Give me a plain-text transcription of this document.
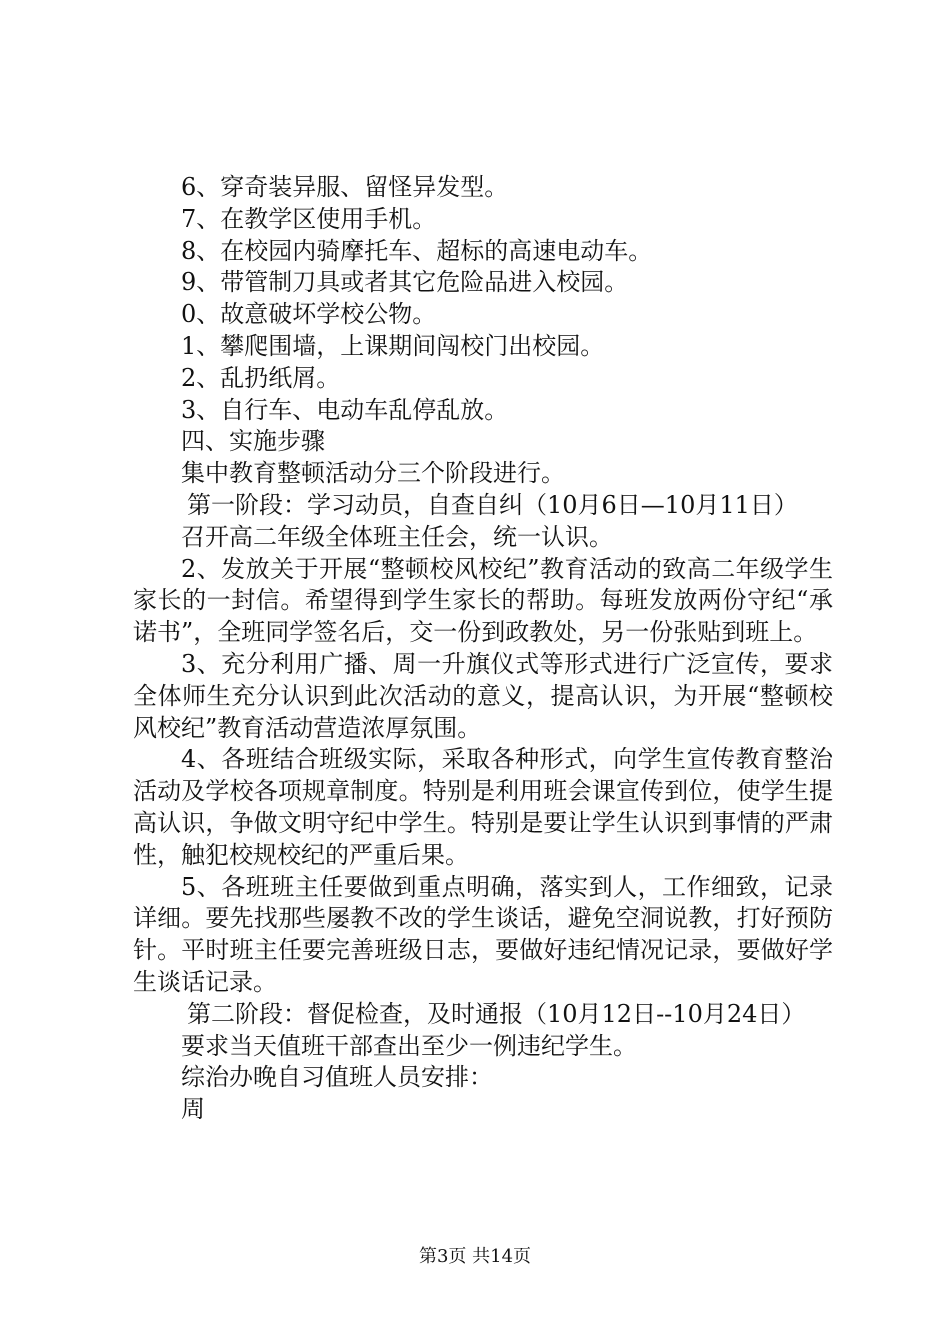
6、穿奇装异服、留怪异发型。

7、在教学区使用手机。

8、在校园内骑摩托车、超标的高速电动车。

9、带管制刀具或者其它危险品进入校园。

0、故意破坏学校公物。

1、攀爬围墙，上课期间闯校门出校园。

2、乱扔纸屑。

3、自行车、电动车乱停乱放。

四、实施步骤

集中教育整顿活动分三个阶段进行。

第一阶段：学习动员，自查自纠（10月6日—10月11日）

召开高二年级全体班主任会，统一认识。

2、发放关于开展“整顿校风校纪”教育活动的致高二年级学生家长的一封信。希望得到学生家长的帮助。每班发放两份守纪“承诺书”，全班同学签名后，交一份到政教处，另一份张贴到班上。

3、充分利用广播、周一升旗仪式等形式进行广泛宣传，要求全体师生充分认识到此次活动的意义，提高认识，为开展“整顿校风校纪”教育活动营造浓厚氛围。

4、各班结合班级实际，采取各种形式，向学生宣传教育整治活动及学校各项规章制度。特别是利用班会课宣传到位，使学生提高认识，争做文明守纪中学生。特别是要让学生认识到事情的严肃性，触犯校规校纪的严重后果。

5、各班班主任要做到重点明确，落实到人，工作细致，记录详细。要先找那些屡教不改的学生谈话，避免空洞说教，打好预防针。平时班主任要完善班级日志，要做好违纪情况记录，要做好学生谈话记录。

第二阶段：督促检查，及时通报（10月12日--10月24日）

要求当天值班干部查出至少一例违纪学生。

综治办晚自习值班人员安排：

周

第3页 共14页
